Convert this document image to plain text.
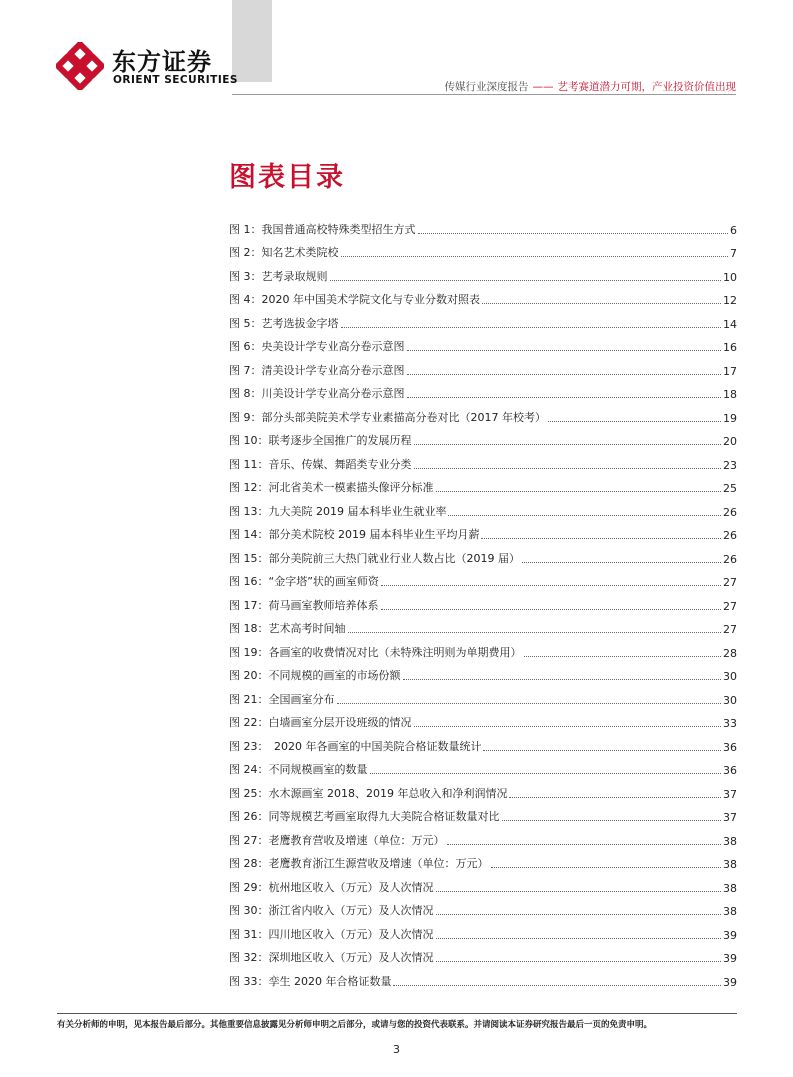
东方证券
ORIENT SECURITIES
传媒行业深度报告 —— 艺考赛道潜力可期，产业投资价值出现
图表目录
图 1：我国普通高校特殊类型招生方式	6
图 2：知名艺术类院校	7
图 3：艺考录取规则	10
图 4：2020 年中国美术学院文化与专业分数对照表	12
图 5：艺考选拔金字塔	14
图 6：央美设计学专业高分卷示意图	16
图 7：清美设计学专业高分卷示意图	17
图 8：川美设计学专业高分卷示意图	18
图 9：部分头部美院美术学专业素描高分卷对比（2017 年校考）	19
图 10：联考逐步全国推广的发展历程	20
图 11：音乐、传媒、舞蹈类专业分类	23
图 12：河北省美术一模素描头像评分标准	25
图 13：九大美院 2019 届本科毕业生就业率	26
图 14：部分美术院校 2019 届本科毕业生平均月薪	26
图 15：部分美院前三大热门就业行业人数占比（2019 届）	26
图 16：“金字塔”状的画室师资	27
图 17：荷马画室教师培养体系	27
图 18：艺术高考时间轴	27
图 19：各画室的收费情况对比（未特殊注明则为单期费用）	28
图 20：不同规模的画室的市场份额	30
图 21：全国画室分布	30
图 22：白墙画室分层开设班级的情况	33
图 23：　2020 年各画室的中国美院合格证数量统计	36
图 24：不同规模画室的数量	36
图 25：水木源画室 2018、2019 年总收入和净利润情况	37
图 26：同等规模艺考画室取得九大美院合格证数量对比	37
图 27：老鹰教育营收及增速（单位：万元）	38
图 28：老鹰教育浙江生源营收及增速（单位：万元）	38
图 29：杭州地区收入（万元）及人次情况	38
图 30：浙江省内收入（万元）及人次情况	38
图 31：四川地区收入（万元）及人次情况	39
图 32：深圳地区收入（万元）及人次情况	39
图 33：孪生 2020 年合格证数量	39
有关分析师的申明，见本报告最后部分。其他重要信息披露见分析师申明之后部分，或请与您的投资代表联系。并请阅读本证券研究报告最后一页的免责申明。
3
